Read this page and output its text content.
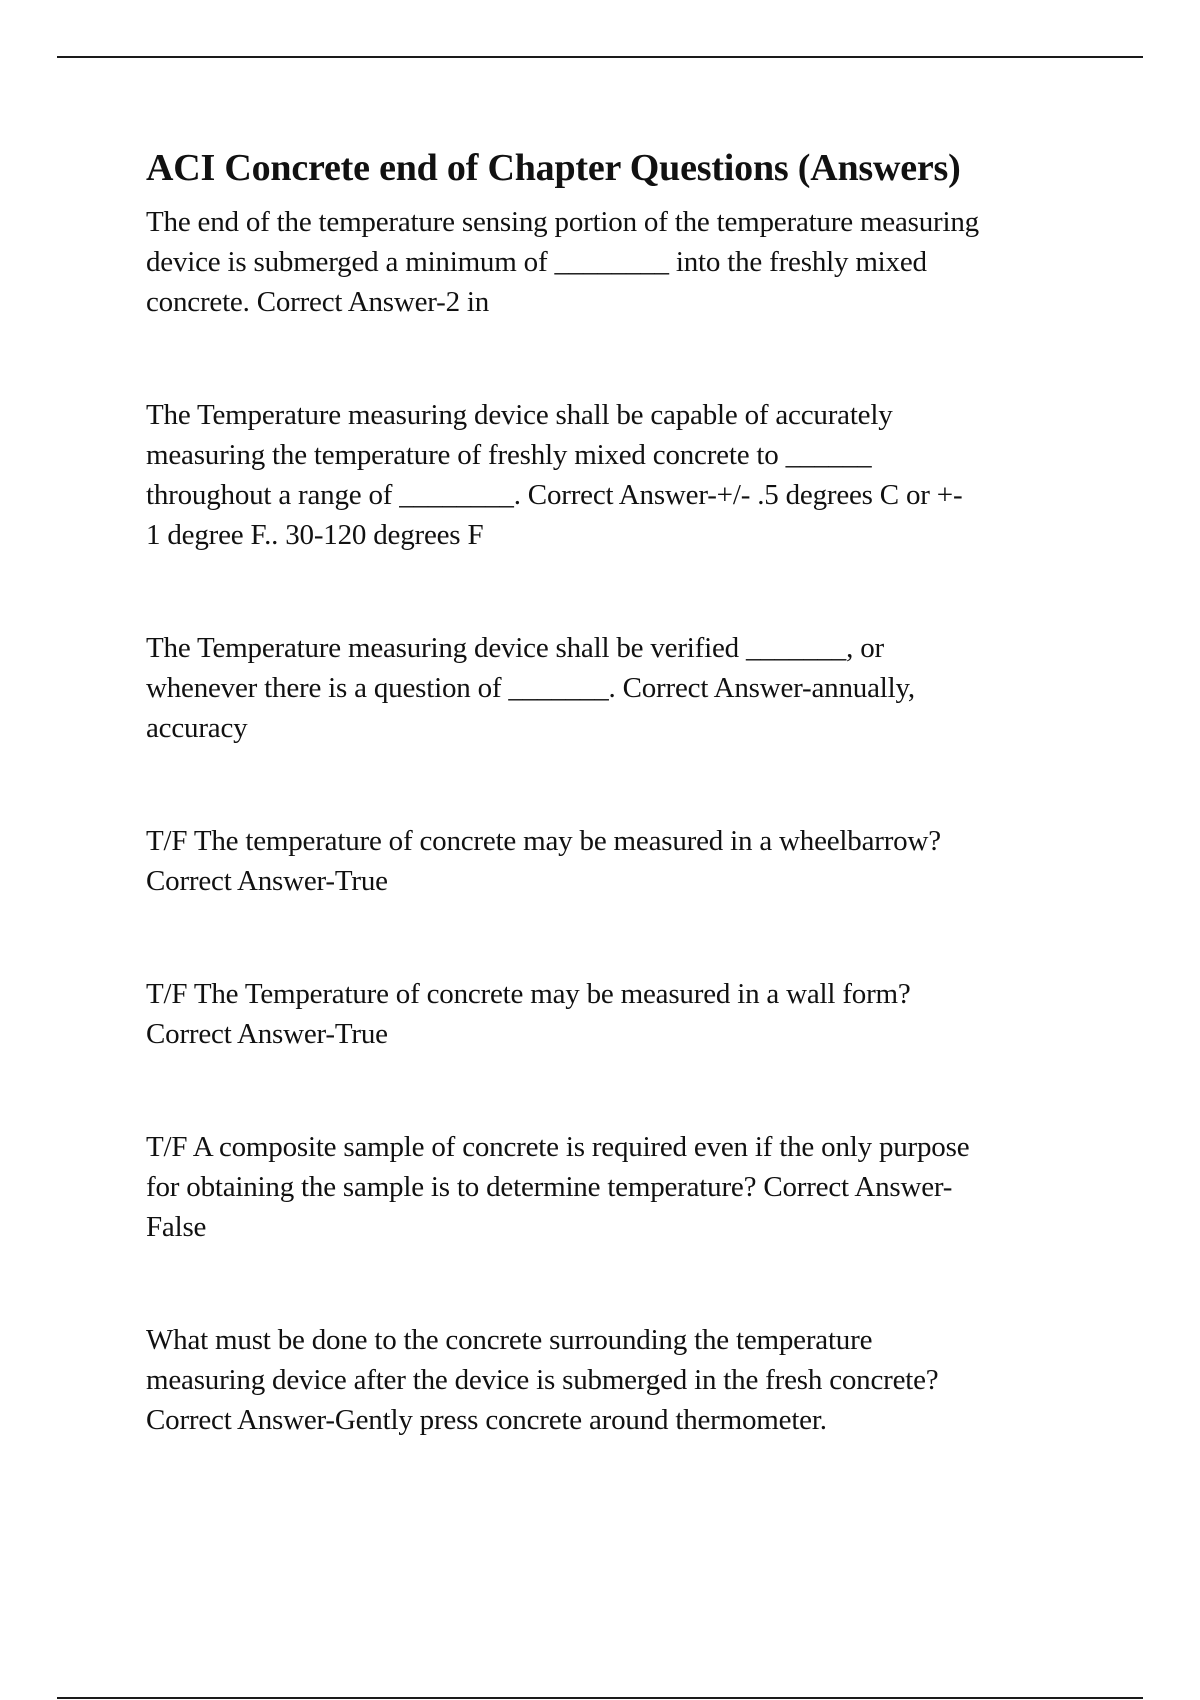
ACI Concrete end of Chapter Questions (Answers)

The end of the temperature sensing portion of the temperature measuring
device is submerged a minimum of ________ into the freshly mixed
concrete. Correct Answer-2 in

The Temperature measuring device shall be capable of accurately
measuring the temperature of freshly mixed concrete to ______
throughout a range of ________. Correct Answer-+/- .5 degrees C or +-
1 degree F.. 30-120 degrees F

The Temperature measuring device shall be verified _______, or
whenever there is a question of _______. Correct Answer-annually,
accuracy

T/F The temperature of concrete may be measured in a wheelbarrow?
Correct Answer-True

T/F The Temperature of concrete may be measured in a wall form?
Correct Answer-True

T/F A composite sample of concrete is required even if the only purpose
for obtaining the sample is to determine temperature? Correct Answer-
False

What must be done to the concrete surrounding the temperature
measuring device after the device is submerged in the fresh concrete?
Correct Answer-Gently press concrete around thermometer.
